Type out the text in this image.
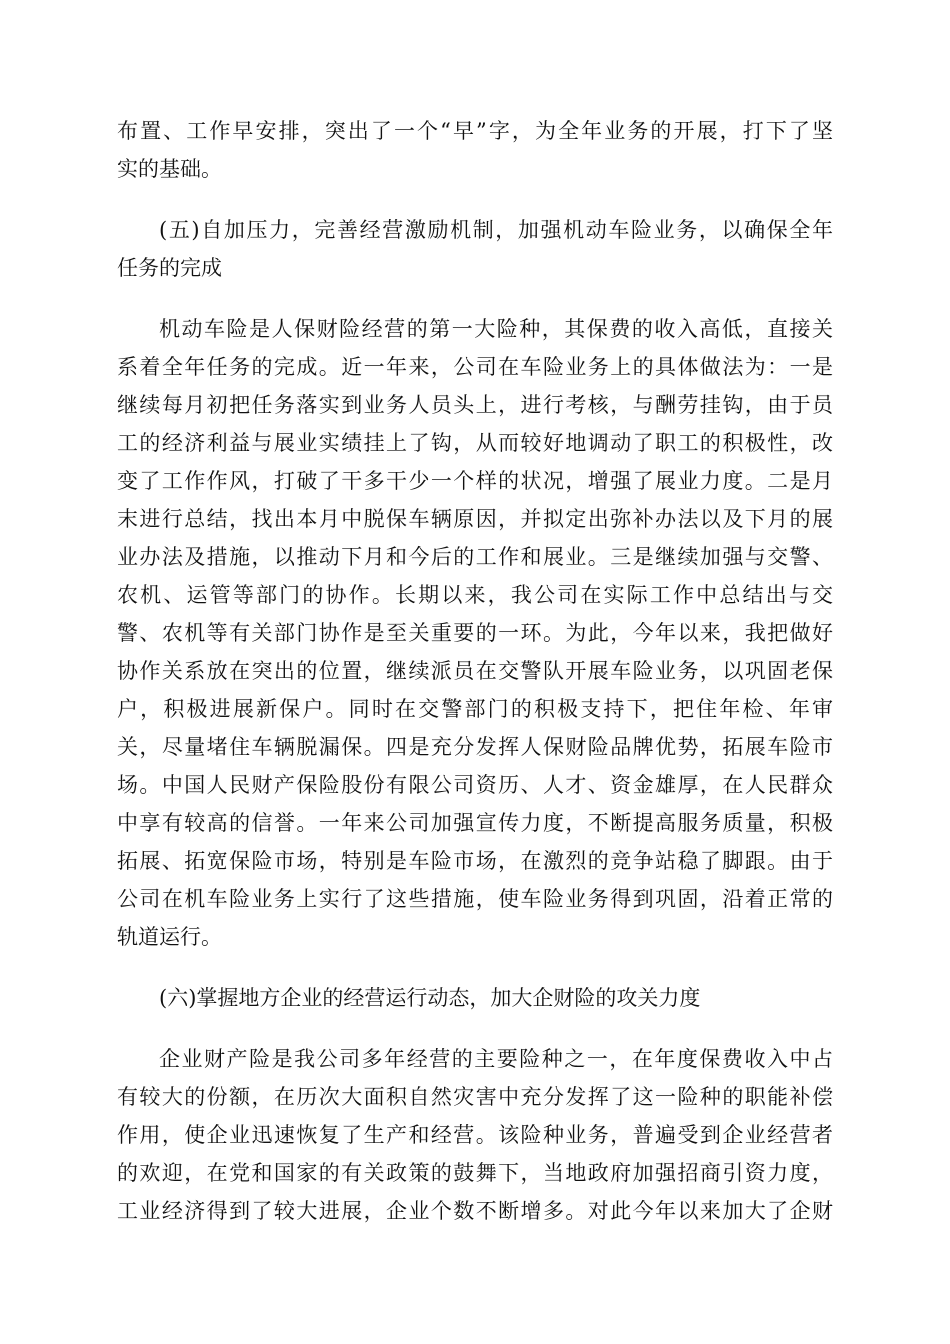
布置、工作早安排，突出了一个“早”字，为全年业务的开展，打下了坚
实的基础。
(五)自加压力，完善经营激励机制，加强机动车险业务，以确保全年
任务的完成
机动车险是人保财险经营的第一大险种，其保费的收入高低，直接关
系着全年任务的完成。近一年来，公司在车险业务上的具体做法为：一是
继续每月初把任务落实到业务人员头上，进行考核，与酬劳挂钩，由于员
工的经济利益与展业实绩挂上了钩，从而较好地调动了职工的积极性，改
变了工作作风，打破了干多干少一个样的状况，增强了展业力度。二是月
末进行总结，找出本月中脱保车辆原因，并拟定出弥补办法以及下月的展
业办法及措施，以推动下月和今后的工作和展业。三是继续加强与交警、
农机、运管等部门的协作。长期以来，我公司在实际工作中总结出与交
警、农机等有关部门协作是至关重要的一环。为此，今年以来，我把做好
协作关系放在突出的位置，继续派员在交警队开展车险业务，以巩固老保
户，积极进展新保户。同时在交警部门的积极支持下，把住年检、年审
关，尽量堵住车辆脱漏保。四是充分发挥人保财险品牌优势，拓展车险市
场。中国人民财产保险股份有限公司资历、人才、资金雄厚，在人民群众
中享有较高的信誉。一年来公司加强宣传力度，不断提高服务质量，积极
拓展、拓宽保险市场，特别是车险市场，在激烈的竞争站稳了脚跟。由于
公司在机车险业务上实行了这些措施，使车险业务得到巩固，沿着正常的
轨道运行。
(六)掌握地方企业的经营运行动态，加大企财险的攻关力度
企业财产险是我公司多年经营的主要险种之一，在年度保费收入中占
有较大的份额，在历次大面积自然灾害中充分发挥了这一险种的职能补偿
作用，使企业迅速恢复了生产和经营。该险种业务，普遍受到企业经营者
的欢迎，在党和国家的有关政策的鼓舞下，当地政府加强招商引资力度，
工业经济得到了较大进展，企业个数不断增多。对此今年以来加大了企财
